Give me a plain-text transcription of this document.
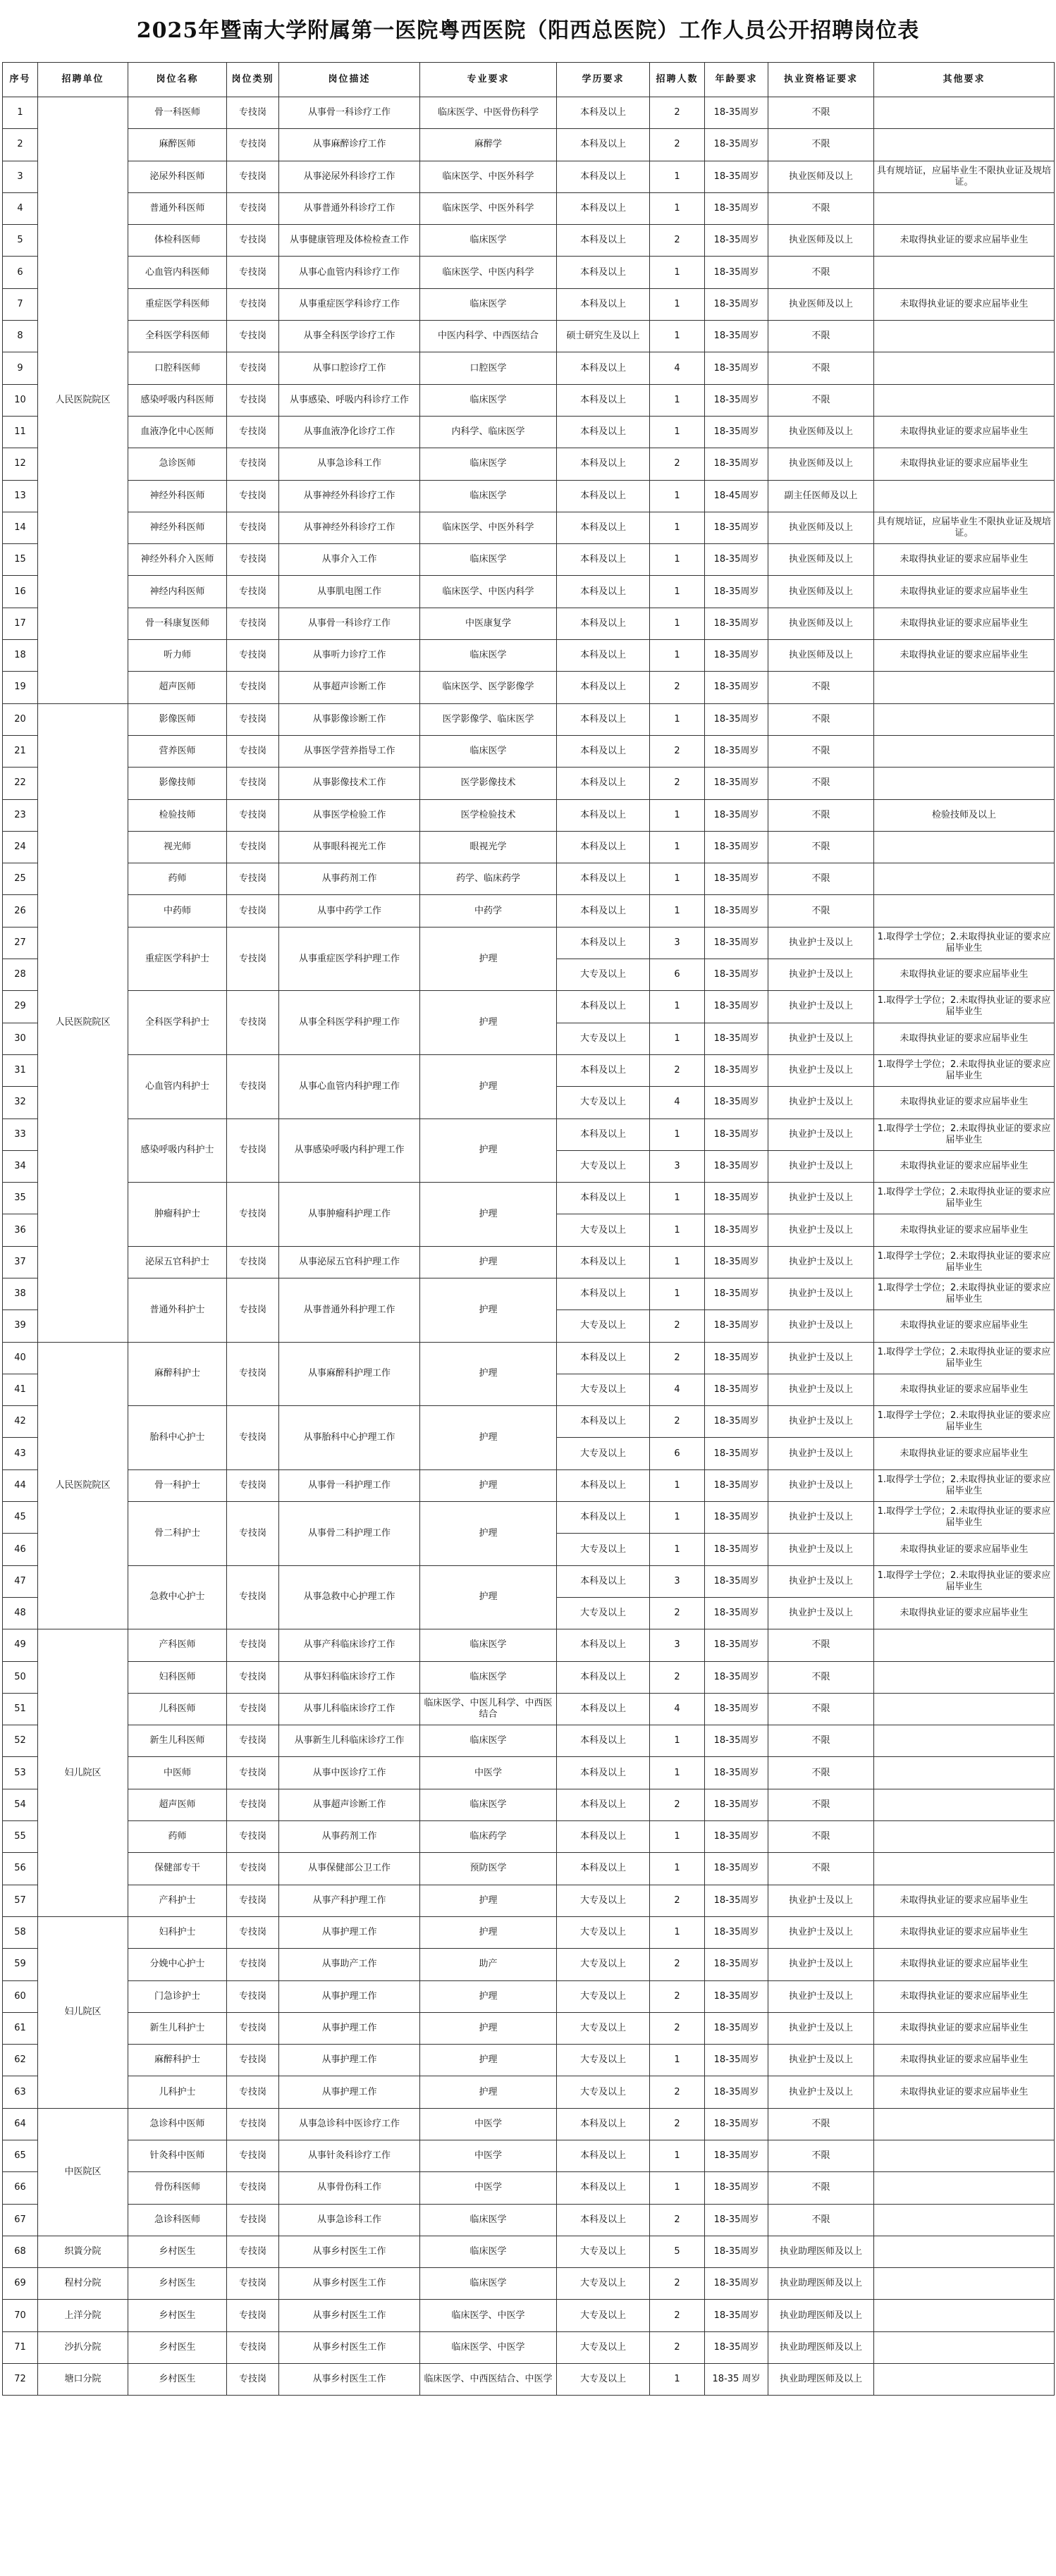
2025年暨南大学附属第一医院粤西医院（阳西总医院）工作人员公开招聘岗位表
序号	招聘单位	岗位名称	岗位类别	岗位描述	专业要求	学历要求	招聘人数	年龄要求	执业资格证要求	其他要求
1	人民医院院区	骨一科医师	专技岗	从事骨一科诊疗工作	临床医学、中医骨伤科学	本科及以上	2	18-35周岁	不限	
2		麻醉医师	专技岗	从事麻醉诊疗工作	麻醉学	本科及以上	2	18-35周岁	不限	
3		泌尿外科医师	专技岗	从事泌尿外科诊疗工作	临床医学、中医外科学	本科及以上	1	18-35周岁	执业医师及以上	具有规培证，应届毕业生不限执业证及规培证。
4		普通外科医师	专技岗	从事普通外科诊疗工作	临床医学、中医外科学	本科及以上	1	18-35周岁	不限	
5		体检科医师	专技岗	从事健康管理及体检检查工作	临床医学	本科及以上	2	18-35周岁	执业医师及以上	未取得执业证的要求应届毕业生
6		心血管内科医师	专技岗	从事心血管内科诊疗工作	临床医学、中医内科学	本科及以上	1	18-35周岁	不限	
7		重症医学科医师	专技岗	从事重症医学科诊疗工作	临床医学	本科及以上	1	18-35周岁	执业医师及以上	未取得执业证的要求应届毕业生
8		全科医学科医师	专技岗	从事全科医学诊疗工作	中医内科学、中西医结合	硕士研究生及以上	1	18-35周岁	不限	
9		口腔科医师	专技岗	从事口腔诊疗工作	口腔医学	本科及以上	4	18-35周岁	不限	
10		感染呼吸内科医师	专技岗	从事感染、呼吸内科诊疗工作	临床医学	本科及以上	1	18-35周岁	不限	
11		血液净化中心医师	专技岗	从事血液净化诊疗工作	内科学、临床医学	本科及以上	1	18-35周岁	执业医师及以上	未取得执业证的要求应届毕业生
12		急诊医师	专技岗	从事急诊科工作	临床医学	本科及以上	2	18-35周岁	执业医师及以上	未取得执业证的要求应届毕业生
13		神经外科医师	专技岗	从事神经外科诊疗工作	临床医学	本科及以上	1	18-45周岁	副主任医师及以上	
14		神经外科医师	专技岗	从事神经外科诊疗工作	临床医学、中医外科学	本科及以上	1	18-35周岁	执业医师及以上	具有规培证，应届毕业生不限执业证及规培证。
15		神经外科介入医师	专技岗	从事介入工作	临床医学	本科及以上	1	18-35周岁	执业医师及以上	未取得执业证的要求应届毕业生
16		神经内科医师	专技岗	从事肌电图工作	临床医学、中医内科学	本科及以上	1	18-35周岁	执业医师及以上	未取得执业证的要求应届毕业生
17		骨一科康复医师	专技岗	从事骨一科诊疗工作	中医康复学	本科及以上	1	18-35周岁	执业医师及以上	未取得执业证的要求应届毕业生
18		听力师	专技岗	从事听力诊疗工作	临床医学	本科及以上	1	18-35周岁	执业医师及以上	未取得执业证的要求应届毕业生
19		超声医师	专技岗	从事超声诊断工作	临床医学、医学影像学	本科及以上	2	18-35周岁	不限	
20	人民医院院区	影像医师	专技岗	从事影像诊断工作	医学影像学、临床医学	本科及以上	1	18-35周岁	不限	
21		营养医师	专技岗	从事医学营养指导工作	临床医学	本科及以上	2	18-35周岁	不限	
22		影像技师	专技岗	从事影像技术工作	医学影像技术	本科及以上	2	18-35周岁	不限	
23		检验技师	专技岗	从事医学检验工作	医学检验技术	本科及以上	1	18-35周岁	不限	检验技师及以上
24		视光师	专技岗	从事眼科视光工作	眼视光学	本科及以上	1	18-35周岁	不限	
25		药师	专技岗	从事药剂工作	药学、临床药学	本科及以上	1	18-35周岁	不限	
26		中药师	专技岗	从事中药学工作	中药学	本科及以上	1	18-35周岁	不限	
27		重症医学科护士	专技岗	从事重症医学科护理工作	护理	本科及以上	3	18-35周岁	执业护士及以上	1.取得学士学位；2.未取得执业证的要求应届毕业生
28						大专及以上	6	18-35周岁	执业护士及以上	未取得执业证的要求应届毕业生
29		全科医学科护士	专技岗	从事全科医学科护理工作	护理	本科及以上	1	18-35周岁	执业护士及以上	1.取得学士学位；2.未取得执业证的要求应届毕业生
30						大专及以上	1	18-35周岁	执业护士及以上	未取得执业证的要求应届毕业生
31		心血管内科护士	专技岗	从事心血管内科护理工作	护理	本科及以上	2	18-35周岁	执业护士及以上	1.取得学士学位；2.未取得执业证的要求应届毕业生
32						大专及以上	4	18-35周岁	执业护士及以上	未取得执业证的要求应届毕业生
33		感染呼吸内科护士	专技岗	从事感染呼吸内科护理工作	护理	本科及以上	1	18-35周岁	执业护士及以上	1.取得学士学位；2.未取得执业证的要求应届毕业生
34						大专及以上	3	18-35周岁	执业护士及以上	未取得执业证的要求应届毕业生
35		肿瘤科护士	专技岗	从事肿瘤科护理工作	护理	本科及以上	1	18-35周岁	执业护士及以上	1.取得学士学位；2.未取得执业证的要求应届毕业生
36						大专及以上	1	18-35周岁	执业护士及以上	未取得执业证的要求应届毕业生
37		泌尿五官科护士	专技岗	从事泌尿五官科护理工作	护理	本科及以上	1	18-35周岁	执业护士及以上	1.取得学士学位；2.未取得执业证的要求应届毕业生
38		普通外科护士	专技岗	从事普通外科护理工作	护理	本科及以上	1	18-35周岁	执业护士及以上	1.取得学士学位；2.未取得执业证的要求应届毕业生
39						大专及以上	2	18-35周岁	执业护士及以上	未取得执业证的要求应届毕业生
40	人民医院院区	麻醉科护士	专技岗	从事麻醉科护理工作	护理	本科及以上	2	18-35周岁	执业护士及以上	1.取得学士学位；2.未取得执业证的要求应届毕业生
41						大专及以上	4	18-35周岁	执业护士及以上	未取得执业证的要求应届毕业生
42		胎科中心护士	专技岗	从事胎科中心护理工作	护理	本科及以上	2	18-35周岁	执业护士及以上	1.取得学士学位；2.未取得执业证的要求应届毕业生
43						大专及以上	6	18-35周岁	执业护士及以上	未取得执业证的要求应届毕业生
44		骨一科护士	专技岗	从事骨一科护理工作	护理	本科及以上	1	18-35周岁	执业护士及以上	1.取得学士学位；2.未取得执业证的要求应届毕业生
45		骨二科护士	专技岗	从事骨二科护理工作	护理	本科及以上	1	18-35周岁	执业护士及以上	1.取得学士学位；2.未取得执业证的要求应届毕业生
46						大专及以上	1	18-35周岁	执业护士及以上	未取得执业证的要求应届毕业生
47		急救中心护士	专技岗	从事急救中心护理工作	护理	本科及以上	3	18-35周岁	执业护士及以上	1.取得学士学位；2.未取得执业证的要求应届毕业生
48						大专及以上	2	18-35周岁	执业护士及以上	未取得执业证的要求应届毕业生
49	妇儿院区	产科医师	专技岗	从事产科临床诊疗工作	临床医学	本科及以上	3	18-35周岁	不限	
50		妇科医师	专技岗	从事妇科临床诊疗工作	临床医学	本科及以上	2	18-35周岁	不限	
51		儿科医师	专技岗	从事儿科临床诊疗工作	临床医学、中医儿科学、中西医结合	本科及以上	4	18-35周岁	不限	
52		新生儿科医师	专技岗	从事新生儿科临床诊疗工作	临床医学	本科及以上	1	18-35周岁	不限	
53		中医师	专技岗	从事中医诊疗工作	中医学	本科及以上	1	18-35周岁	不限	
54		超声医师	专技岗	从事超声诊断工作	临床医学	本科及以上	2	18-35周岁	不限	
55		药师	专技岗	从事药剂工作	临床药学	本科及以上	1	18-35周岁	不限	
56		保健部专干	专技岗	从事保健部公卫工作	预防医学	本科及以上	1	18-35周岁	不限	
57		产科护士	专技岗	从事产科护理工作	护理	大专及以上	2	18-35周岁	执业护士及以上	未取得执业证的要求应届毕业生
58	妇儿院区	妇科护士	专技岗	从事护理工作	护理	大专及以上	1	18-35周岁	执业护士及以上	未取得执业证的要求应届毕业生
59		分娩中心护士	专技岗	从事助产工作	助产	大专及以上	2	18-35周岁	执业护士及以上	未取得执业证的要求应届毕业生
60		门急诊护士	专技岗	从事护理工作	护理	大专及以上	2	18-35周岁	执业护士及以上	未取得执业证的要求应届毕业生
61		新生儿科护士	专技岗	从事护理工作	护理	大专及以上	2	18-35周岁	执业护士及以上	未取得执业证的要求应届毕业生
62		麻醉科护士	专技岗	从事护理工作	护理	大专及以上	1	18-35周岁	执业护士及以上	未取得执业证的要求应届毕业生
63		儿科护士	专技岗	从事护理工作	护理	大专及以上	2	18-35周岁	执业护士及以上	未取得执业证的要求应届毕业生
64	中医院区	急诊科中医师	专技岗	从事急诊科中医诊疗工作	中医学	本科及以上	2	18-35周岁	不限	
65		针灸科中医师	专技岗	从事针灸科诊疗工作	中医学	本科及以上	1	18-35周岁	不限	
66		骨伤科医师	专技岗	从事骨伤科工作	中医学	本科及以上	1	18-35周岁	不限	
67		急诊科医师	专技岗	从事急诊科工作	临床医学	本科及以上	2	18-35周岁	不限	
68	织篢分院	乡村医生	专技岗	从事乡村医生工作	临床医学	大专及以上	5	18-35周岁	执业助理医师及以上	
69	程村分院	乡村医生	专技岗	从事乡村医生工作	临床医学	大专及以上	2	18-35周岁	执业助理医师及以上	
70	上洋分院	乡村医生	专技岗	从事乡村医生工作	临床医学、中医学	大专及以上	2	18-35周岁	执业助理医师及以上	
71	沙扒分院	乡村医生	专技岗	从事乡村医生工作	临床医学、中医学	大专及以上	2	18-35周岁	执业助理医师及以上	
72	塘口分院	乡村医生	专技岗	从事乡村医生工作	临床医学、中西医结合、中医学	大专及以上	1	18-35 周岁	执业助理医师及以上	
